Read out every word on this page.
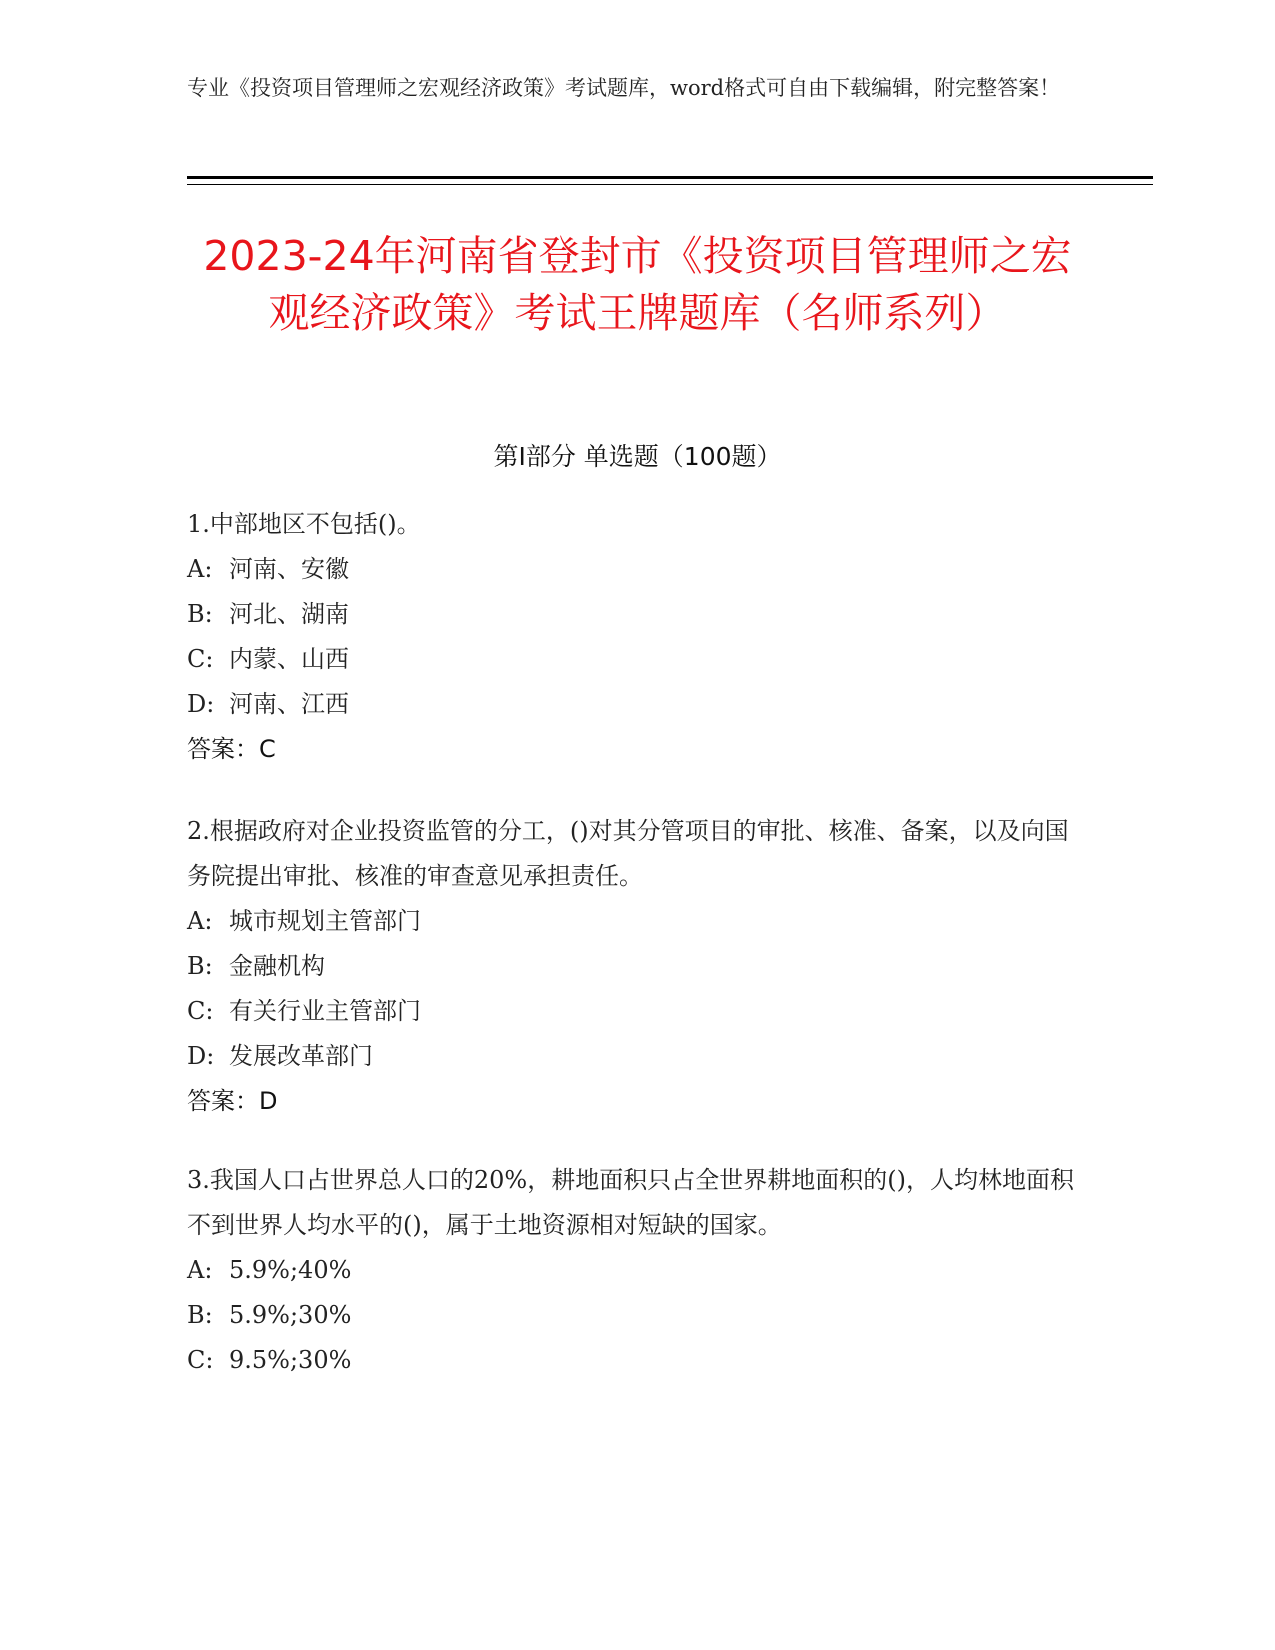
专业《投资项目管理师之宏观经济政策》考试题库，word格式可自由下载编辑，附完整答案！
2023-24年河南省登封市《投资项目管理师之宏观经济政策》考试王牌题库（名师系列）
第I部分 单选题（100题）
1.中部地区不包括()。
A: 河南、安徽
B: 河北、湖南
C: 内蒙、山西
D: 河南、江西
答案：C
2.根据政府对企业投资监管的分工，()对其分管项目的审批、核准、备案，以及向国务院提出审批、核准的审查意见承担责任。
A: 城市规划主管部门
B: 金融机构
C: 有关行业主管部门
D: 发展改革部门
答案：D
3.我国人口占世界总人口的20%，耕地面积只占全世界耕地面积的()，人均林地面积不到世界人均水平的()，属于土地资源相对短缺的国家。
A: 5.9%;40%
B: 5.9%;30%
C: 9.5%;30%
